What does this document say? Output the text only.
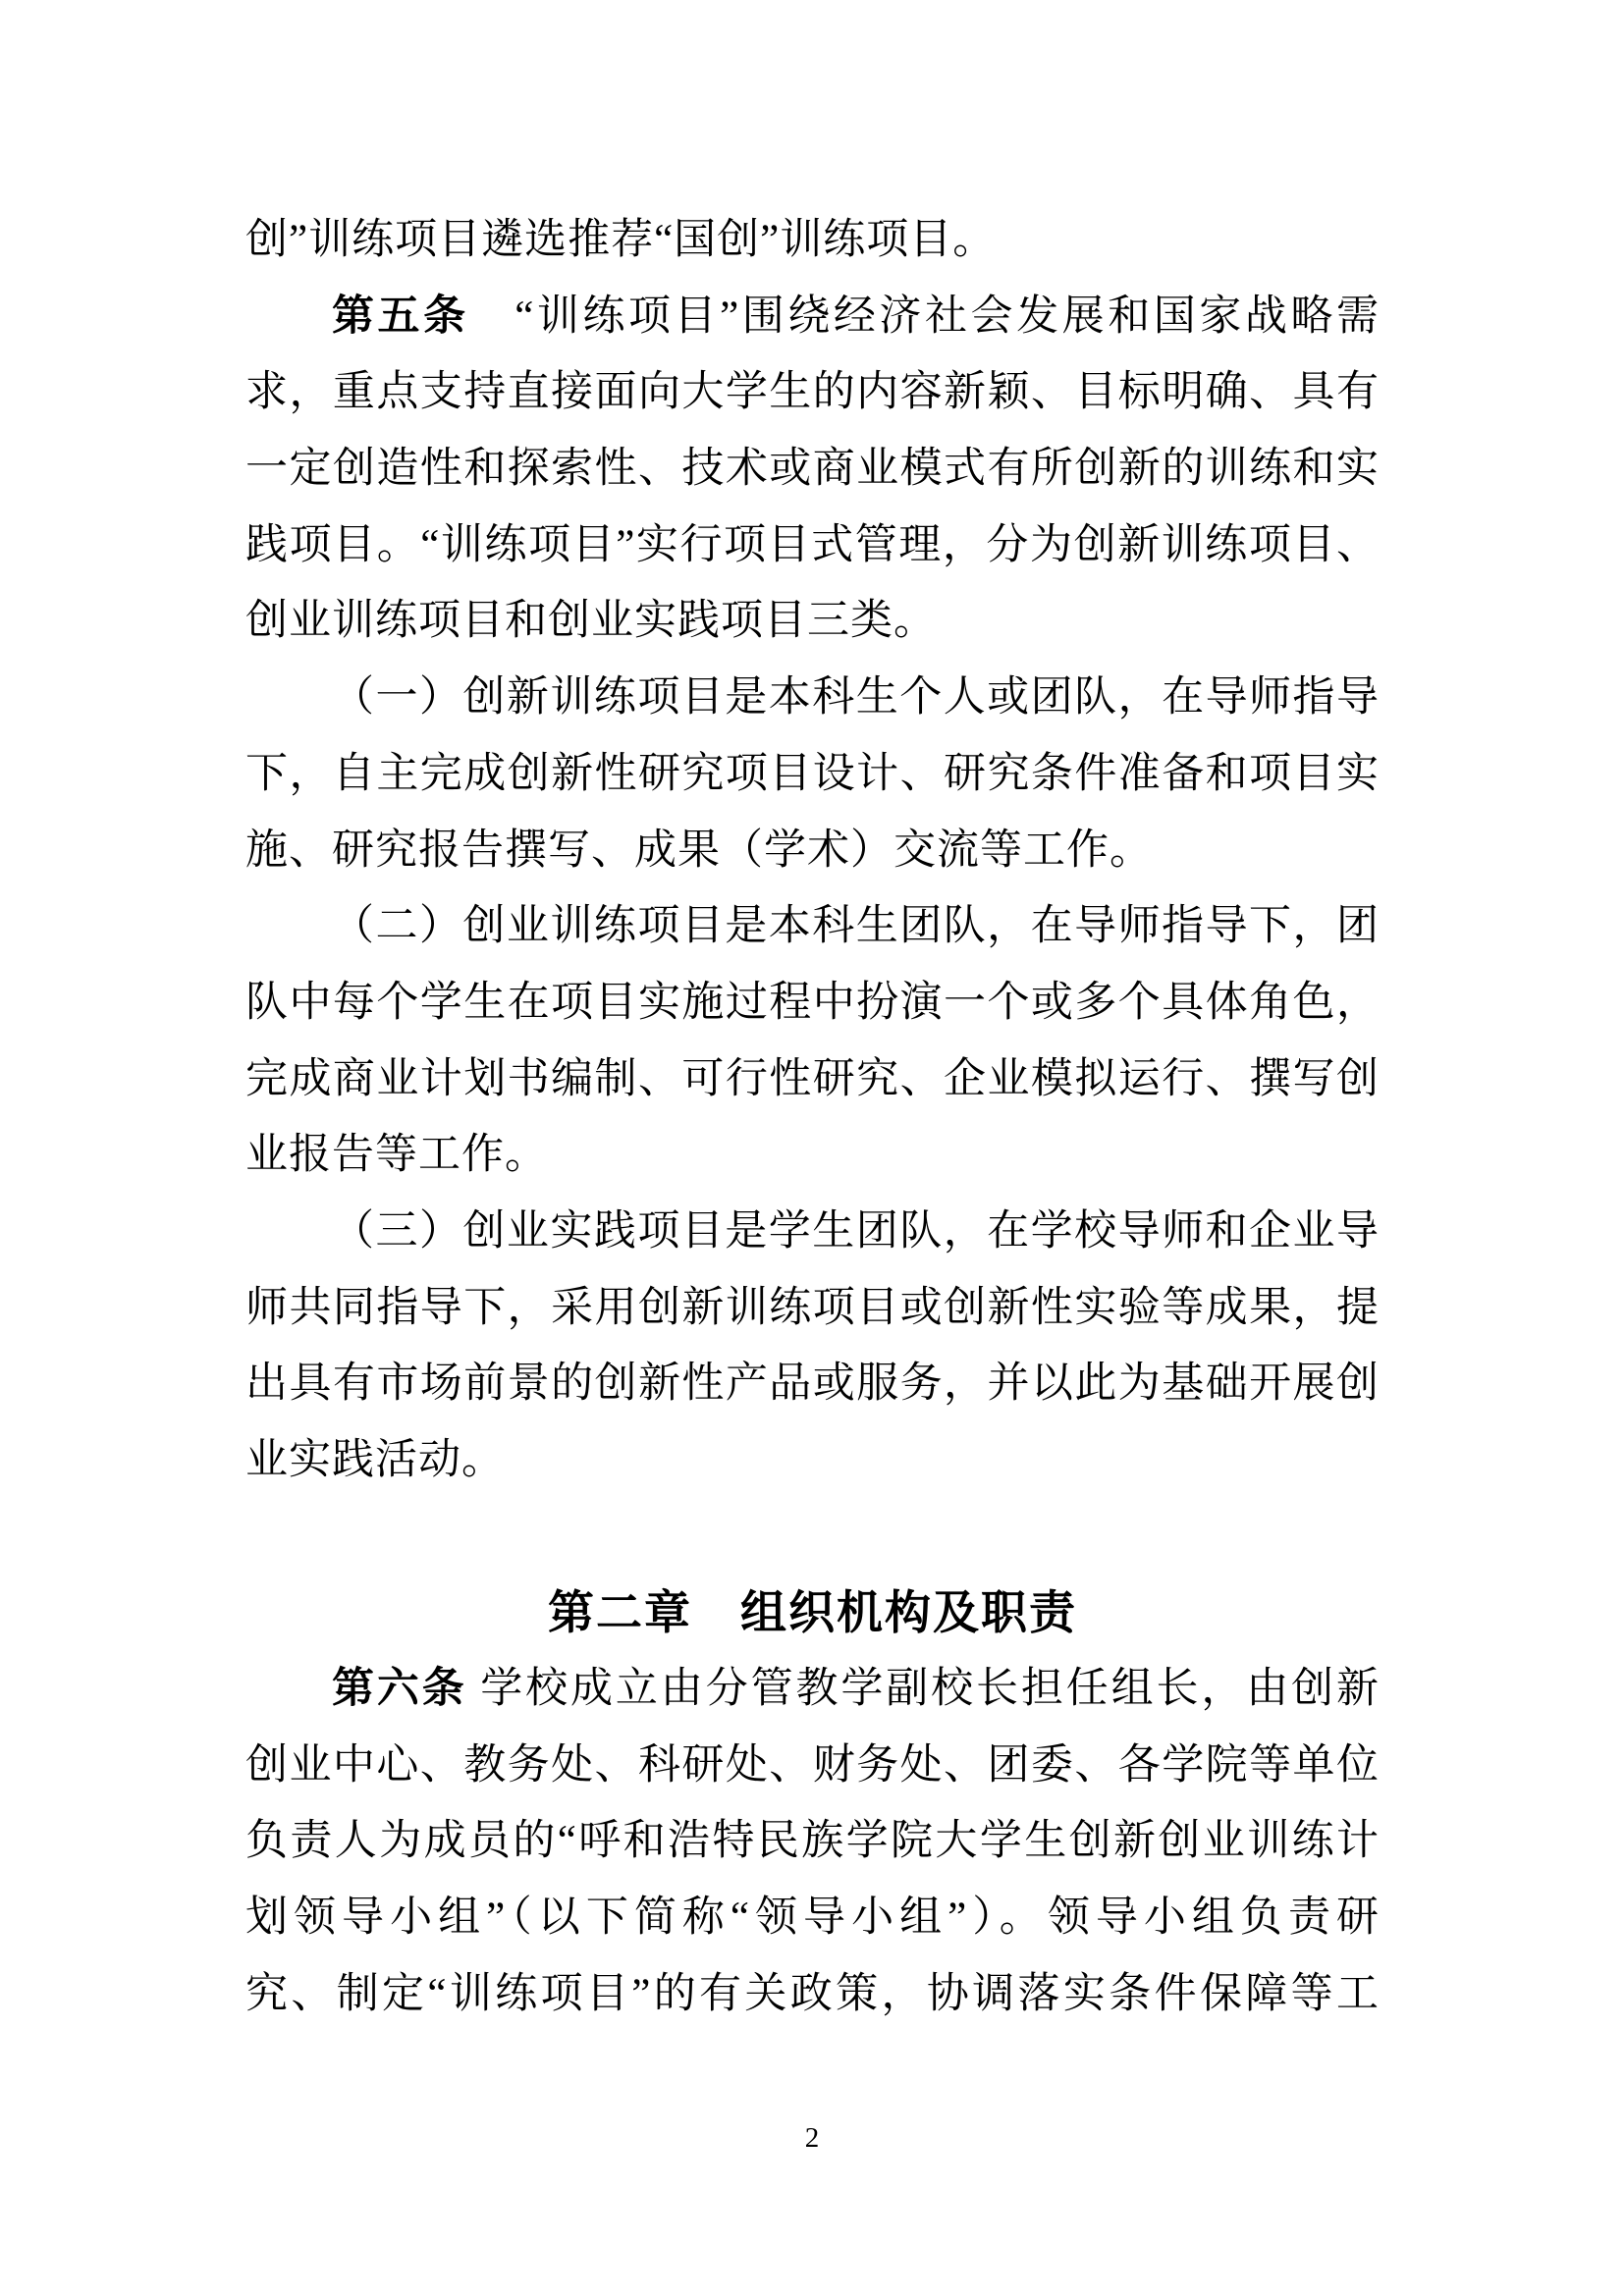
创”训练项目遴选推荐“国创”训练项目。
第五条　“训练项目”围绕经济社会发展和国家战略需
求，重点支持直接面向大学生的内容新颖、目标明确、具有
一定创造性和探索性、技术或商业模式有所创新的训练和实
践项目。“训练项目”实行项目式管理，分为创新训练项目、
创业训练项目和创业实践项目三类。
（一）创新训练项目是本科生个人或团队，在导师指导
下，自主完成创新性研究项目设计、研究条件准备和项目实
施、研究报告撰写、成果（学术）交流等工作。
（二）创业训练项目是本科生团队，在导师指导下，团
队中每个学生在项目实施过程中扮演一个或多个具体角色，
完成商业计划书编制、可行性研究、企业模拟运行、撰写创
业报告等工作。
（三）创业实践项目是学生团队，在学校导师和企业导
师共同指导下，采用创新训练项目或创新性实验等成果，提
出具有市场前景的创新性产品或服务，并以此为基础开展创
业实践活动。
第二章　组织机构及职责
第六条 学校成立由分管教学副校长担任组长，由创新
创业中心、教务处、科研处、财务处、团委、各学院等单位
负责人为成员的“呼和浩特民族学院大学生创新创业训练计
划领导小组”（以下简称“领导小组”）。领导小组负责研
究、制定“训练项目”的有关政策，协调落实条件保障等工
2
